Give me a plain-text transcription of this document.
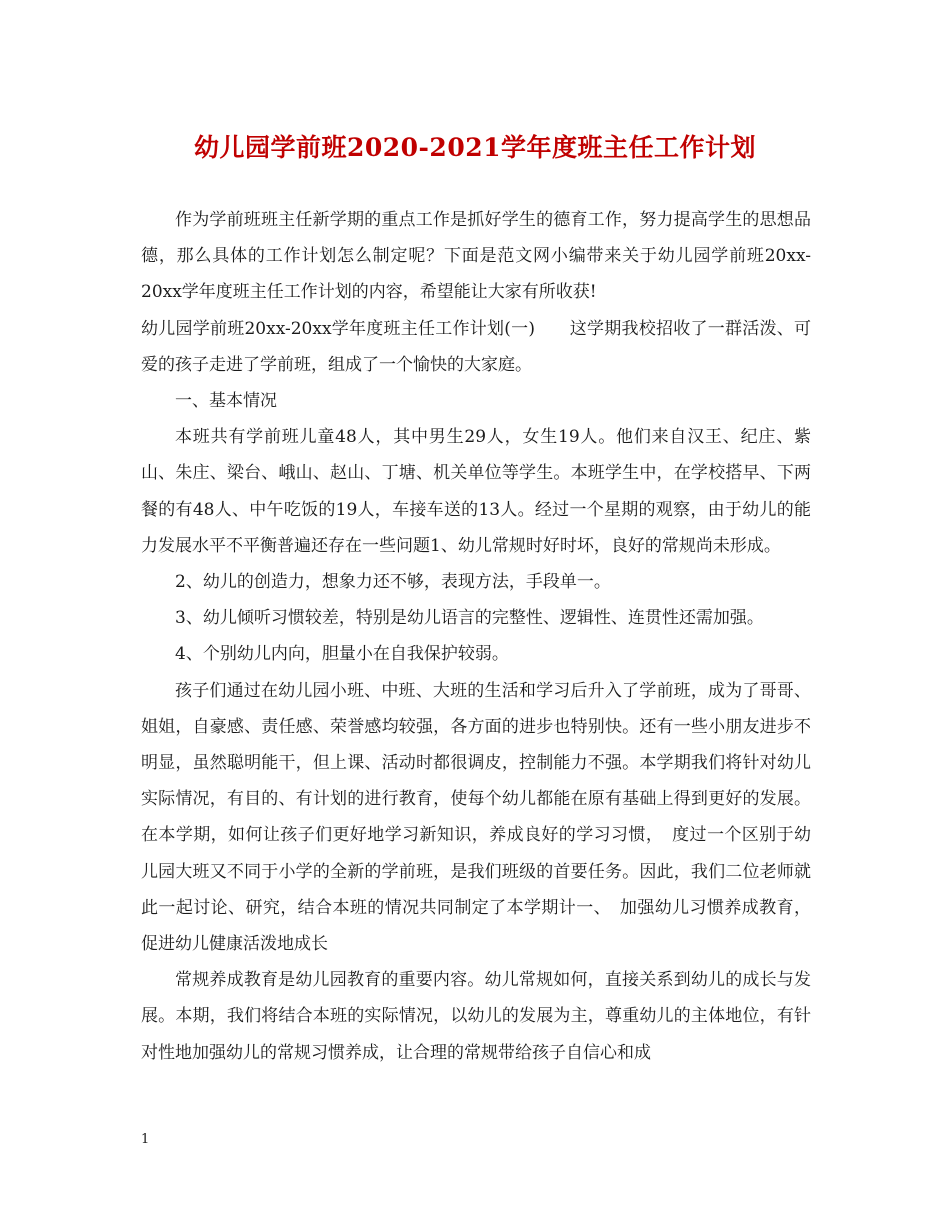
幼儿园学前班2020-2021学年度班主任工作计划

作为学前班班主任新学期的重点工作是抓好学生的德育工作，努力提高学生的思想品德，那么具体的工作计划怎么制定呢？下面是范文网小编带来关于幼儿园学前班20xx-20xx学年度班主任工作计划的内容，希望能让大家有所收获!

幼儿园学前班20xx-20xx学年度班主任工作计划(一)　　这学期我校招收了一群活泼、可爱的孩子走进了学前班，组成了一个愉快的大家庭。

一、基本情况

本班共有学前班儿童48人，其中男生29人，女生19人。他们来自汉王、纪庄、紫山、朱庄、梁台、峨山、赵山、丁塘、机关单位等学生。本班学生中，在学校搭早、下两餐的有48人、中午吃饭的19人，车接车送的13人。经过一个星期的观察，由于幼儿的能力发展水平不平衡普遍还存在一些问题1、幼儿常规时好时坏，良好的常规尚未形成。

2、幼儿的创造力，想象力还不够，表现方法，手段单一。

3、幼儿倾听习惯较差，特别是幼儿语言的完整性、逻辑性、连贯性还需加强。

4、个别幼儿内向，胆量小在自我保护较弱。

孩子们通过在幼儿园小班、中班、大班的生活和学习后升入了学前班，成为了哥哥、姐姐，自豪感、责任感、荣誉感均较强，各方面的进步也特别快。还有一些小朋友进步不明显，虽然聪明能干，但上课、活动时都很调皮，控制能力不强。本学期我们将针对幼儿实际情况，有目的、有计划的进行教育，使每个幼儿都能在原有基础上得到更好的发展。在本学期，如何让孩子们更好地学习新知识，养成良好的学习习惯，　度过一个区别于幼儿园大班又不同于小学的全新的学前班，是我们班级的首要任务。因此，我们二位老师就此一起讨论、研究，结合本班的情况共同制定了本学期计一、　加强幼儿习惯养成教育，促进幼儿健康活泼地成长

常规养成教育是幼儿园教育的重要内容。幼儿常规如何，直接关系到幼儿的成长与发展。本期，我们将结合本班的实际情况，以幼儿的发展为主，尊重幼儿的主体地位，有针对性地加强幼儿的常规习惯养成，让合理的常规带给孩子自信心和成

1
